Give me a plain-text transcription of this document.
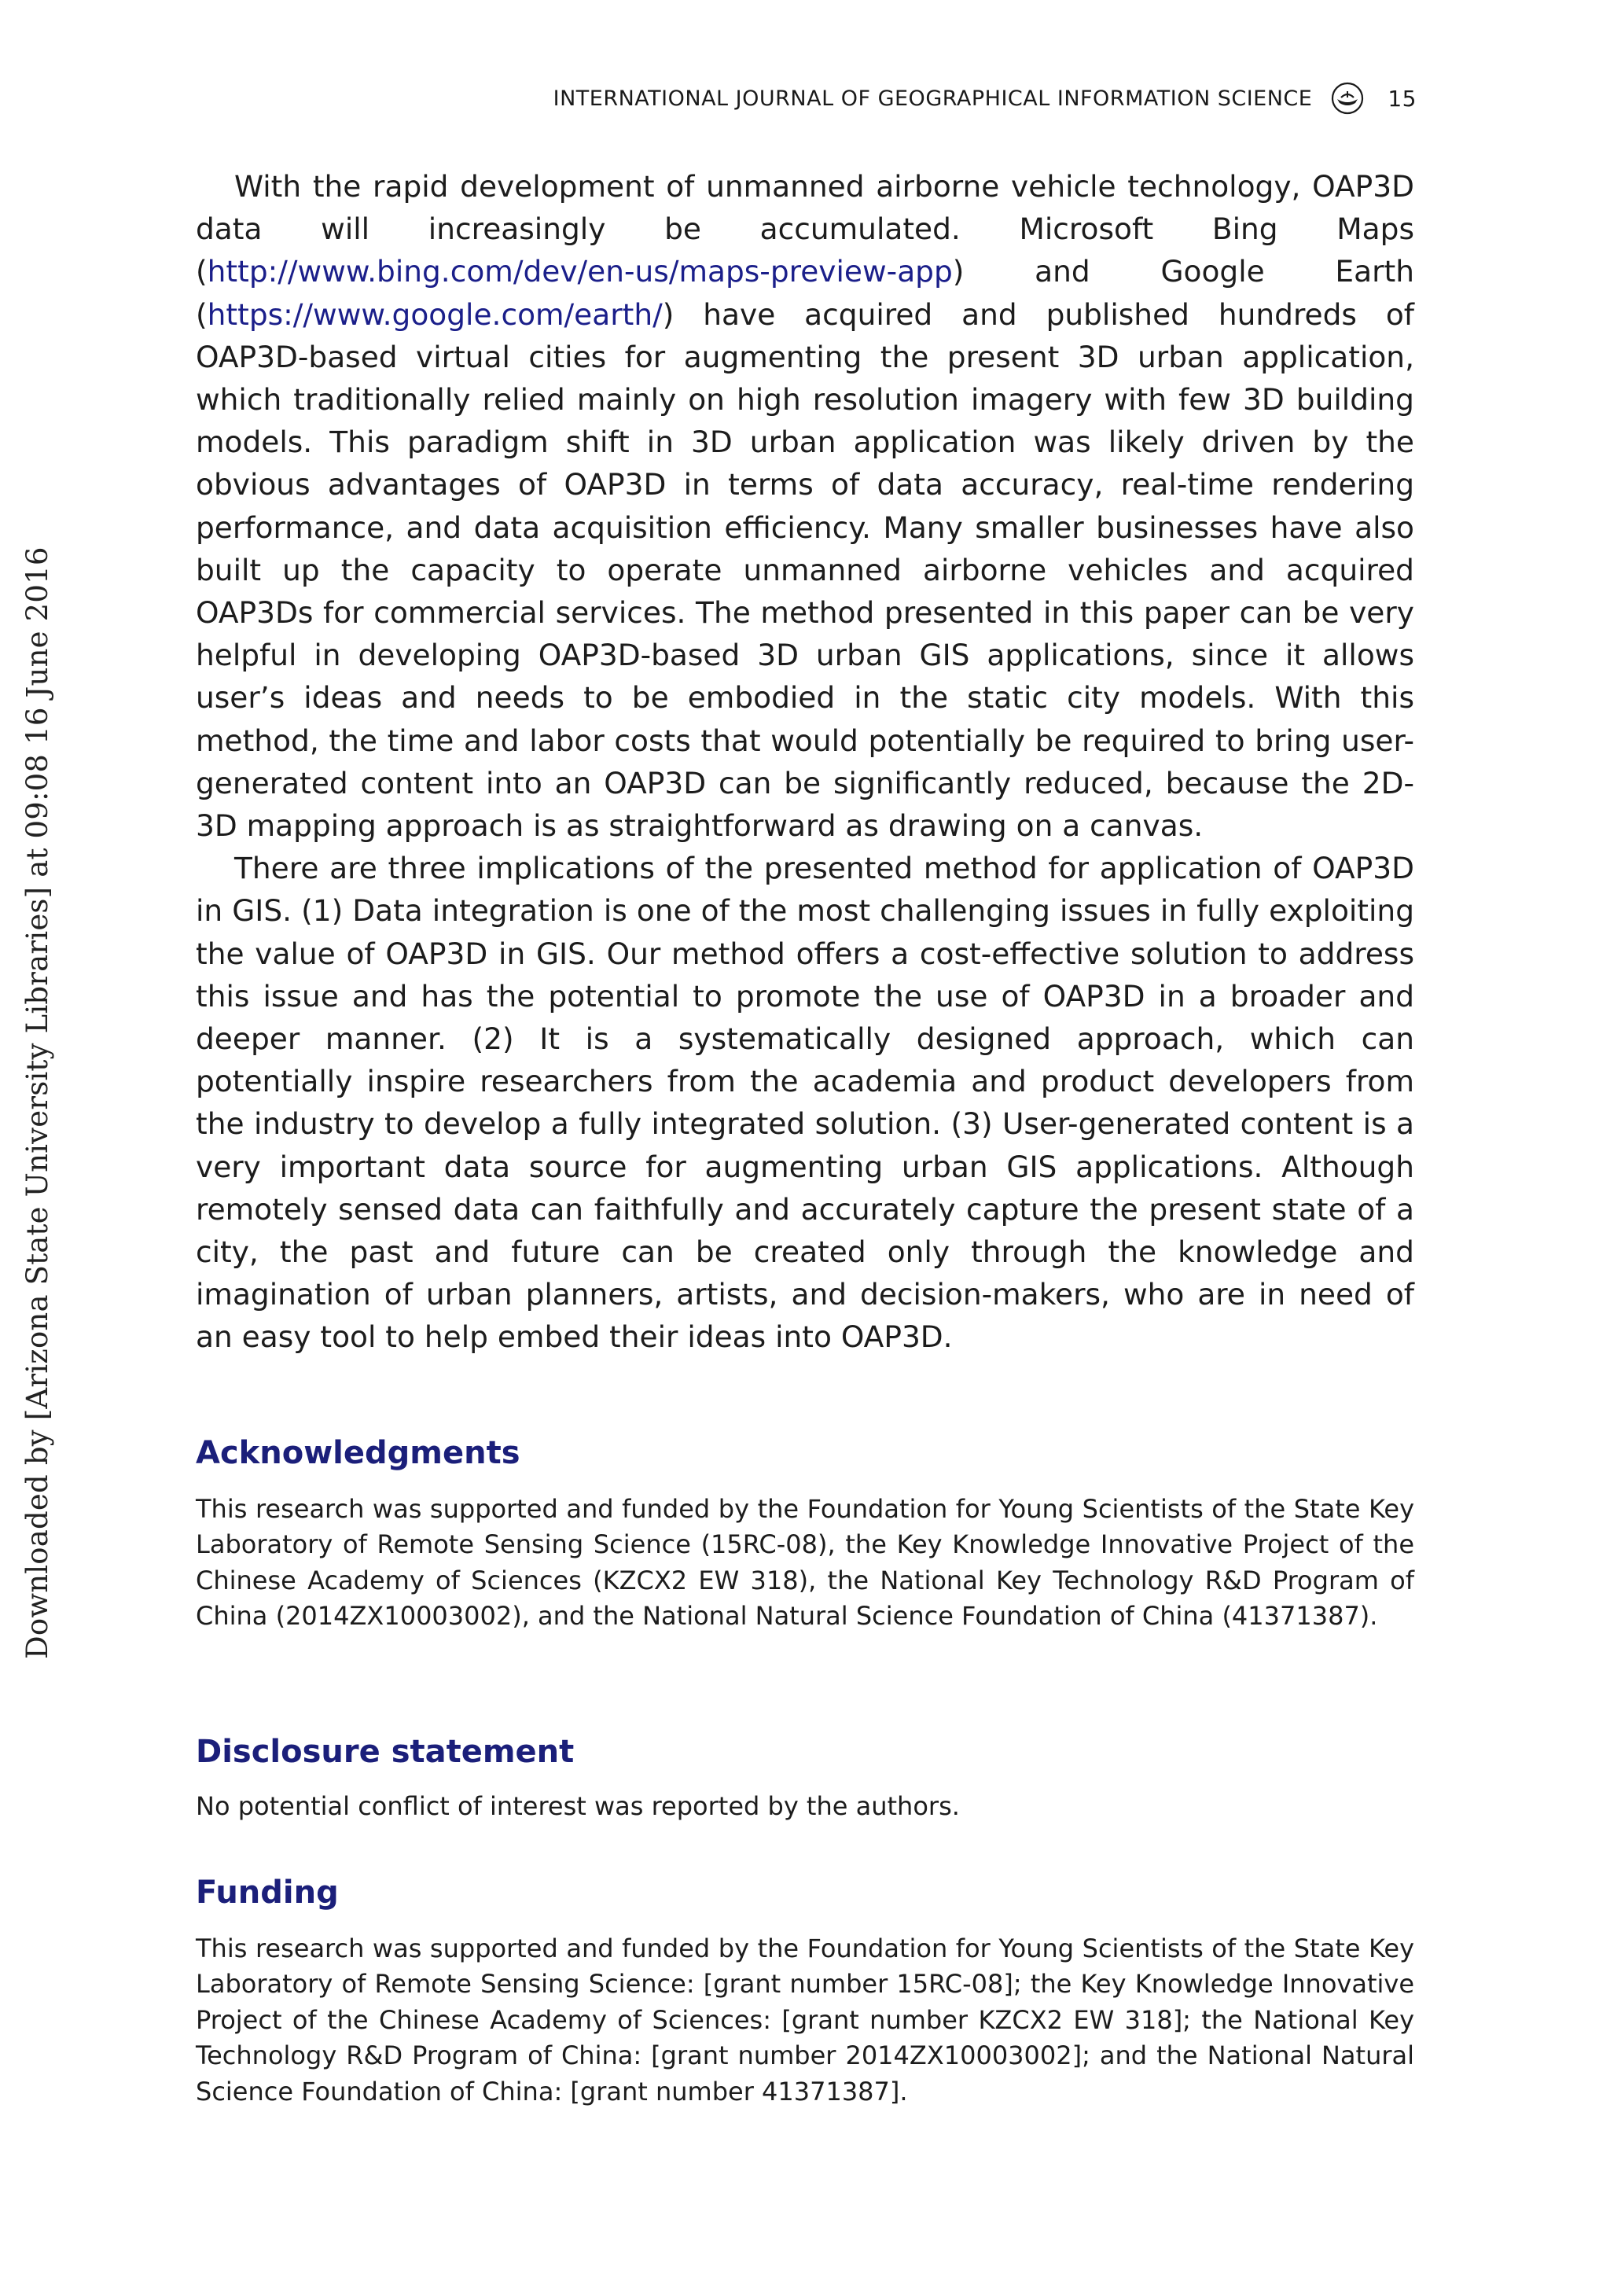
INTERNATIONAL JOURNAL OF GEOGRAPHICAL INFORMATION SCIENCE	15
Downloaded by [Arizona State University Libraries] at 09:08 16 June 2016

With the rapid development of unmanned airborne vehicle technology, OAP3D data will increasingly be accumulated. Microsoft Bing Maps (http://www.bing.com/dev/en-us/maps-preview-app) and Google Earth (https://www.google.com/earth/) have acquired and published hundreds of OAP3D-based virtual cities for augmenting the present 3D urban application, which traditionally relied mainly on high resolution imagery with few 3D building models. This paradigm shift in 3D urban application was likely driven by the obvious advantages of OAP3D in terms of data accuracy, real-time rendering performance, and data acquisition efficiency. Many smaller businesses have also built up the capacity to operate unmanned airborne vehicles and acquired OAP3Ds for commercial services. The method presented in this paper can be very helpful in developing OAP3D-based 3D urban GIS applications, since it allows user’s ideas and needs to be embodied in the static city models. With this method, the time and labor costs that would potentially be required to bring user-generated content into an OAP3D can be significantly reduced, because the 2D-3D mapping approach is as straightforward as drawing on a canvas.

There are three implications of the presented method for application of OAP3D in GIS. (1) Data integration is one of the most challenging issues in fully exploiting the value of OAP3D in GIS. Our method offers a cost-effective solution to address this issue and has the potential to promote the use of OAP3D in a broader and deeper manner. (2) It is a systematically designed approach, which can potentially inspire researchers from the academia and product developers from the industry to develop a fully integrated solution. (3) User-generated content is a very important data source for augmenting urban GIS applications. Although remotely sensed data can faithfully and accurately capture the present state of a city, the past and future can be created only through the knowledge and imagination of urban planners, artists, and decision-makers, who are in need of an easy tool to help embed their ideas into OAP3D.

Acknowledgments

This research was supported and funded by the Foundation for Young Scientists of the State Key Laboratory of Remote Sensing Science (15RC-08), the Key Knowledge Innovative Project of the Chinese Academy of Sciences (KZCX2 EW 318), the National Key Technology R&D Program of China (2014ZX10003002), and the National Natural Science Foundation of China (41371387).

Disclosure statement

No potential conflict of interest was reported by the authors.

Funding

This research was supported and funded by the Foundation for Young Scientists of the State Key Laboratory of Remote Sensing Science: [grant number 15RC-08]; the Key Knowledge Innovative Project of the Chinese Academy of Sciences: [grant number KZCX2 EW 318]; the National Key Technology R&D Program of China: [grant number 2014ZX10003002]; and the National Natural Science Foundation of China: [grant number 41371387].
